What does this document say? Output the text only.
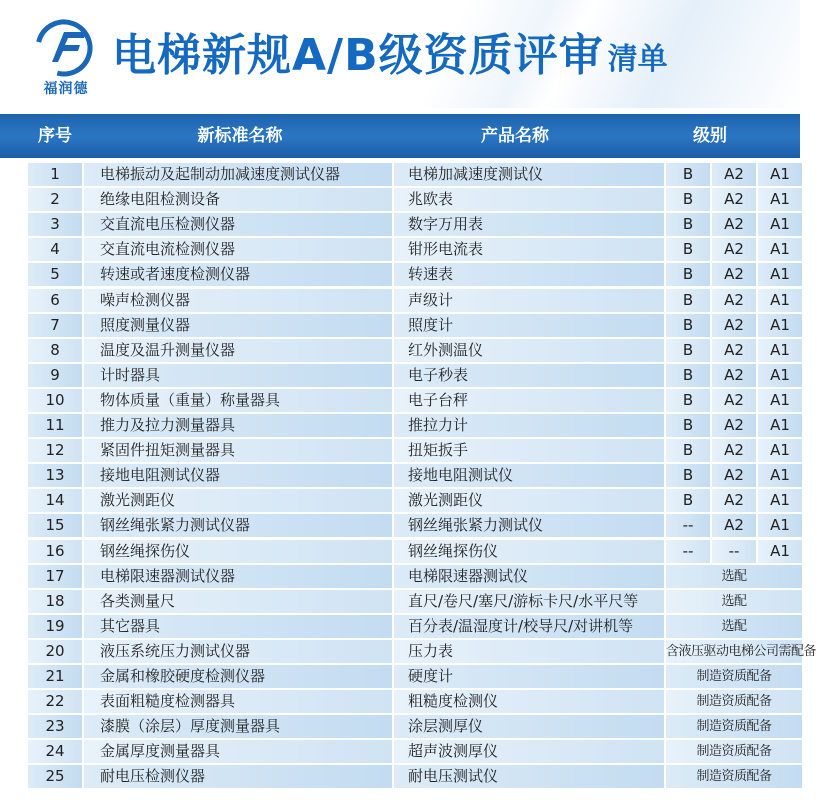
福润德
电梯新规A/B级资质评审 清单
序号	新标准名称	产品名称	级别
1	电梯振动及起制动加减速度测试仪器	电梯加减速度测试仪	B	A2	A1
2	绝缘电阻检测设备	兆欧表	B	A2	A1
3	交直流电压检测仪器	数字万用表	B	A2	A1
4	交直流电流检测仪器	钳形电流表	B	A2	A1
5	转速或者速度检测仪器	转速表	B	A2	A1
6	噪声检测仪器	声级计	B	A2	A1
7	照度测量仪器	照度计	B	A2	A1
8	温度及温升测量仪器	红外测温仪	B	A2	A1
9	计时器具	电子秒表	B	A2	A1
10	物体质量（重量）称量器具	电子台秤	B	A2	A1
11	推力及拉力测量器具	推拉力计	B	A2	A1
12	紧固件扭矩测量器具	扭矩扳手	B	A2	A1
13	接地电阻测试仪器	接地电阻测试仪	B	A2	A1
14	激光测距仪	激光测距仪	B	A2	A1
15	钢丝绳张紧力测试仪器	钢丝绳张紧力测试仪	--	A2	A1
16	钢丝绳探伤仪	钢丝绳探伤仪	--	--	A1
17	电梯限速器测试仪器	电梯限速器测试仪	选配
18	各类测量尺	直尺/卷尺/塞尺/游标卡尺/水平尺等	选配
19	其它器具	百分表/温湿度计/校导尺/对讲机等	选配
20	液压系统压力测试仪器	压力表	含液压驱动电梯公司需配备
21	金属和橡胶硬度检测仪器	硬度计	制造资质配备
22	表面粗糙度检测器具	粗糙度检测仪	制造资质配备
23	漆膜（涂层）厚度测量器具	涂层测厚仪	制造资质配备
24	金属厚度测量器具	超声波测厚仪	制造资质配备
25	耐电压检测仪器	耐电压测试仪	制造资质配备
